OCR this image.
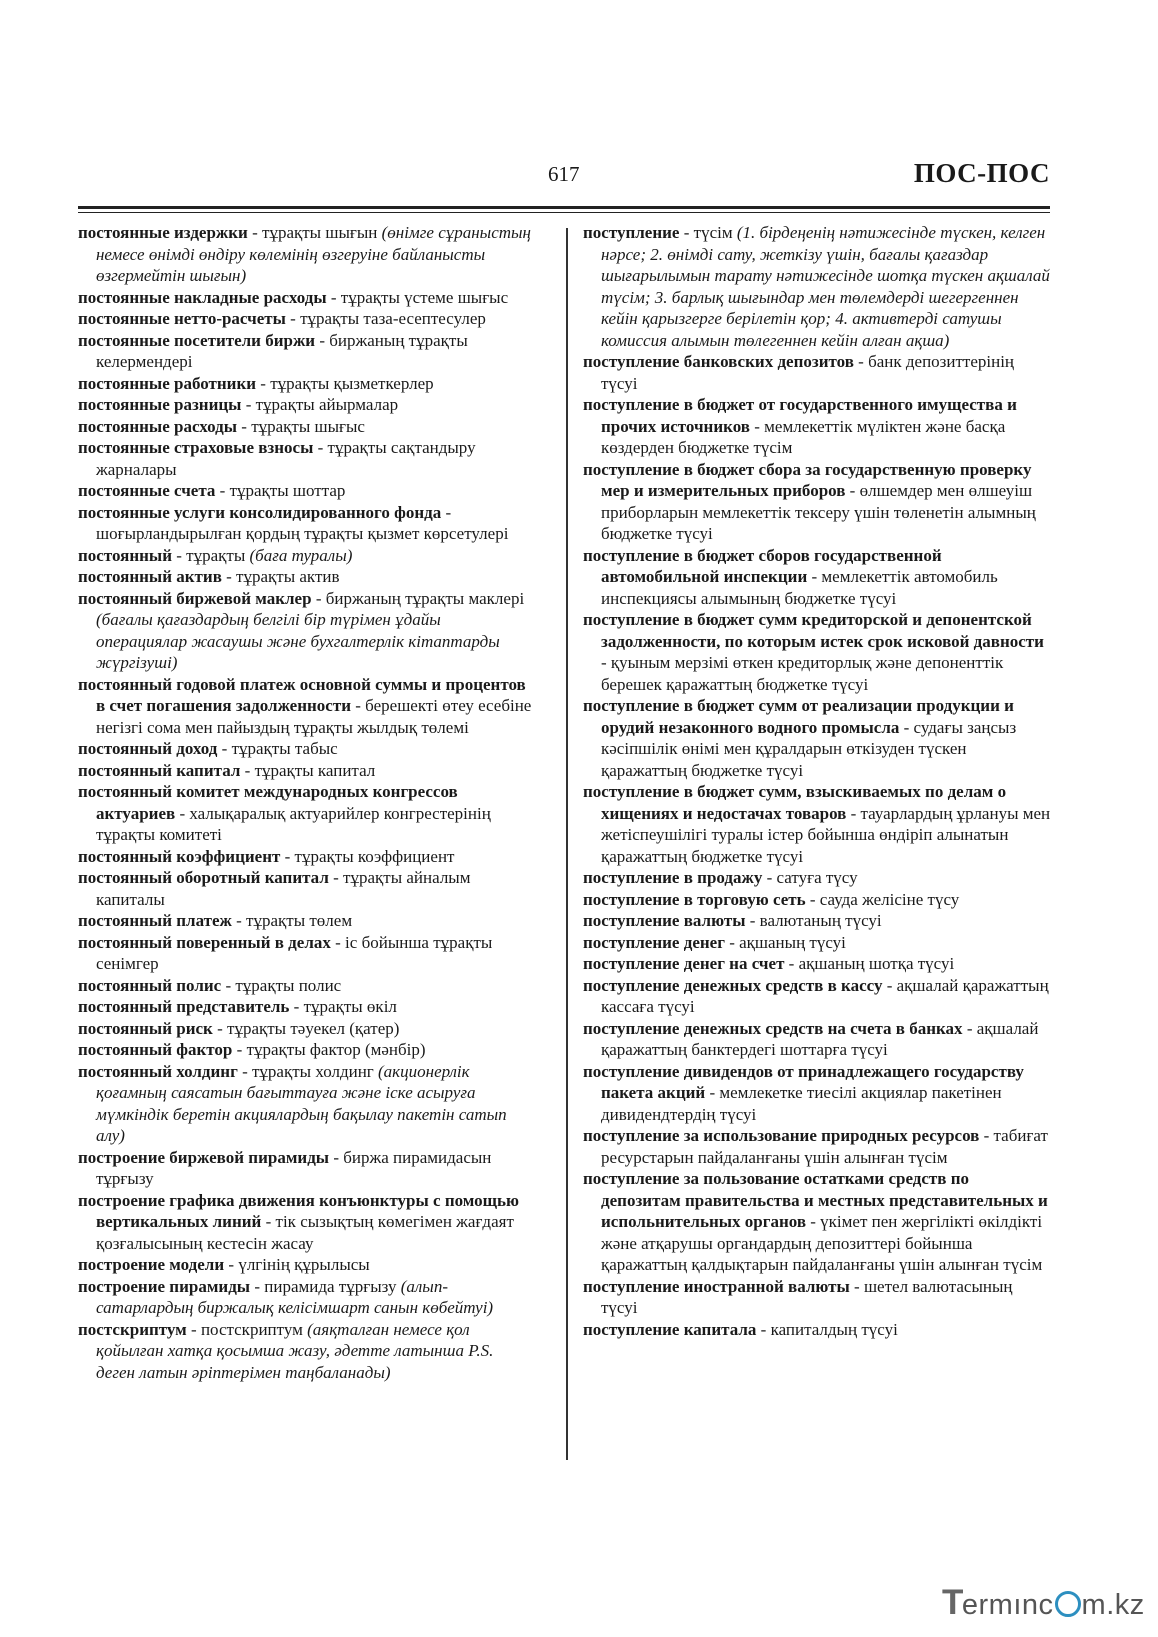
617	ПОС-ПОС

постоянные издержки - тұрақты шығын (өнімге сұраныстың немесе өнімді өндіру көлемінің өзгеруіне байланысты өзгермейтін шығын)

постоянные накладные расходы - тұрақты үстеме шығыс

постоянные нетто-расчеты - тұрақты таза-есептесулер

постоянные посетители биржи - биржаның тұрақты келермендері

постоянные работники - тұрақты қызметкерлер

постоянные разницы - тұрақты айырмалар

постоянные расходы - тұрақты шығыс

постоянные страховые взносы - тұрақты сақтандыру жарналары

постоянные счета - тұрақты шоттар

постоянные услуги консолидированного фонда - шоғырландырылған қордың тұрақты қызмет көрсетулері

постоянный - тұрақты (баға туралы)

постоянный актив - тұрақты актив

постоянный биржевой маклер - биржаның тұрақты маклері (бағалы қағаздардың белгілі бір түрімен ұдайы операциялар жасаушы және бухгалтерлік кітаптарды жүргізуші)

постоянный годовой платеж основной суммы и процентов в счет погашения задолженности - берешекті өтеу есебіне негізгі сома мен пайыздың тұрақты жылдық төлемі

постоянный доход - тұрақты табыс

постоянный капитал - тұрақты капитал

постоянный комитет международных конгрессов актуариев - халықаралық актуарийлер конгрестерінің тұрақты комитеті

постоянный коэффициент - тұрақты коэффициент

постоянный оборотный капитал - тұрақты айналым капиталы

постоянный платеж - тұрақты төлем

постоянный поверенный в делах - іс бойынша тұрақты сенімгер

постоянный полис - тұрақты полис

постоянный представитель - тұрақты өкіл

постоянный риск - тұрақты тәуекел (қатер)

постоянный фактор - тұрақты фактор (мәнбір)

постоянный холдинг - тұрақты холдинг (акционерлік қоғамның саясатын бағыттауға және іске асыруға мүмкіндік беретін акциялардың бақылау пакетін сатып алу)

построение биржевой пирамиды - биржа пирамидасын тұрғызу

построение графика движения конъюнктуры с помощью вертикальных линий - тік сызықтың көмегімен жағдаят қозғалысының кестесін жасау

построение модели - үлгінің құрылысы

построение пирамиды - пирамида тұрғызу (алып-сатарлардың биржалық келісімшарт санын көбейтуі)

постскриптум - постскриптум (аяқталған немесе қол қойылған хатқа қосымша жазу, әдетте латынша P.S. деген латын әріптерімен таңбаланады)

поступление - түсім (1. бірдеңенің нәтижесінде түскен, келген нәрсе; 2. өнімді сату, жеткізу үшін, бағалы қағаздар шығарылымын тарату нәтижесінде шотқа түскен ақшалай түсім; 3. барлық шығындар мен төлемдерді шегергеннен кейін қарызгерге берілетін қор; 4. активтерді сатушы комиссия алымын төлегеннен кейін алған ақша)

поступление банковских депозитов - банк депозиттерінің түсуі

поступление в бюджет от государственного имущества и прочих источников - мемлекеттік мүліктен және басқа көздерден бюджетке түсім

поступление в бюджет сбора за государственную проверку мер и измерительных приборов - өлшемдер мен өлшеуіш приборларын мемлекеттік тексеру үшін төленетін алымның бюджетке түсуі

поступление в бюджет сборов государственной автомобильной инспекции - мемлекеттік автомобиль инспекциясы алымының бюджетке түсуі

поступление в бюджет сумм кредиторской и депонентской задолженности, по которым истек срок исковой давности - қуыным мерзімі өткен кредиторлық және депоненттік берешек қаражаттың бюджетке түсуі

поступление в бюджет сумм от реализации продукции и орудий незаконного водного промысла - судағы заңсыз кәсіпшілік өнімі мен құралдарын өткізуден түскен қаражаттың бюджетке түсуі

поступление в бюджет сумм, взыскиваемых по делам о хищениях и недостачах товаров - тауарлардың ұрлануы мен жетіспеушілігі туралы істер бойынша өндіріп алынатын қаражаттың бюджетке түсуі

поступление в продажу - сатуға түсу

поступление в торговую сеть - сауда желісіне түсу

поступление валюты - валютаның түсуі

поступление денег - ақшаның түсуі

поступление денег на счет - ақшаның шотқа түсуі

поступление денежных средств в кассу - ақшалай қаражаттың кассаға түсуі

поступление денежных средств на счета в банках - ақшалай қаражаттың банктердегі шоттарға түсуі

поступление дивидендов от принадлежащего государству пакета акций - мемлекетке тиесілі акциялар пакетінен дивидендтердің түсуі

поступление за использование природных ресурсов - табиғат ресурстарын пайдаланғаны үшін алынған түсім

поступление за пользование остатками средств по депозитам правительства и местных представительных и испольнительных органов - үкімет пен жергілікті өкілдікті және атқарушы органдардың депозиттері бойынша қаражаттың қалдықтарын пайдаланғаны үшін алынған түсім

поступление иностранной валюты - шетел валютасының түсуі

поступление капитала - капиталдың түсуі

Termınc m.kz
